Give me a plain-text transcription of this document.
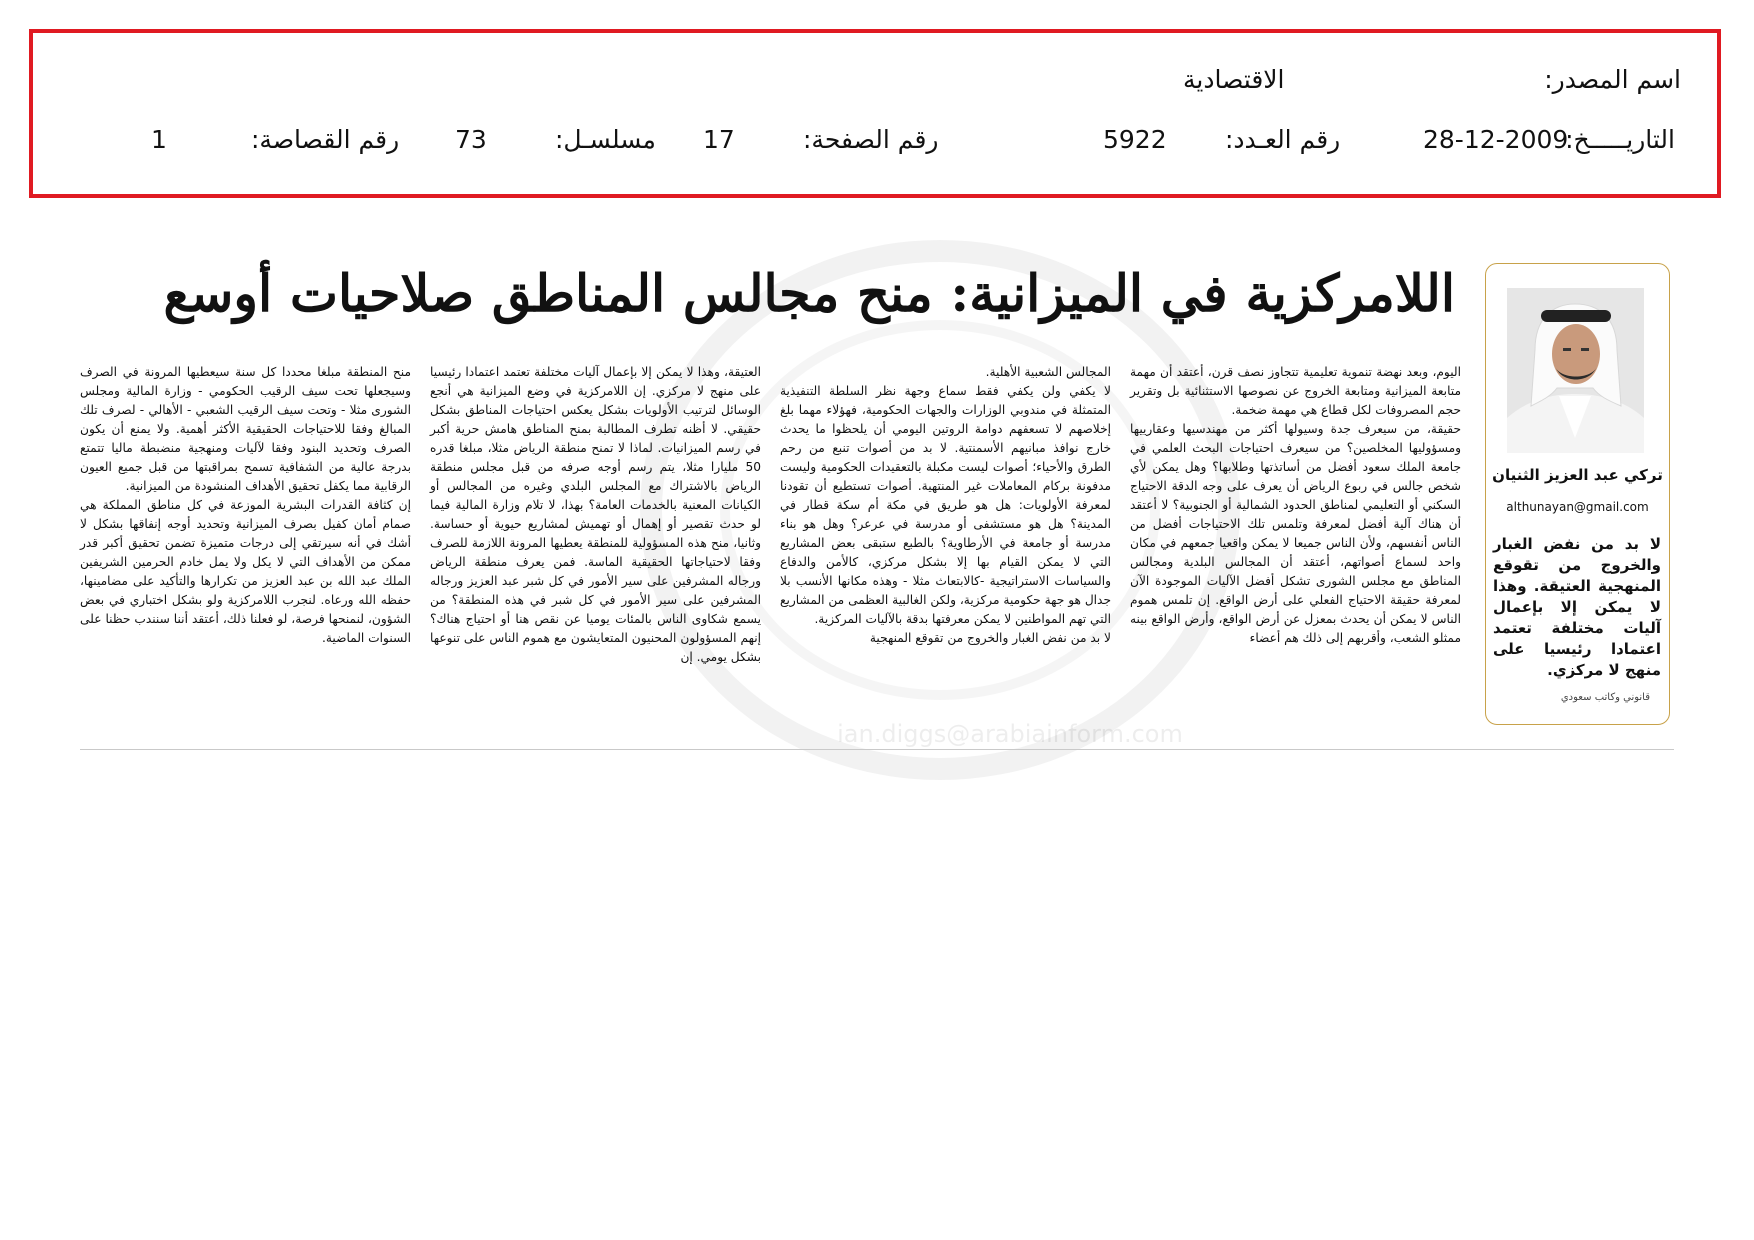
اسم المصدر:
الاقتصادية
التاريـــــخ:
28-12-2009
رقم العـدد:
5922
رقم الصفحة:
17
مسلسـل:
73
رقم القصاصة:
1
ian.diggs@arabiainform.com
تركي عبد العزيز الثنيان
althunayan@gmail.com
لا بد من نفض الغبار والخروج من تقوقع المنهجية العتيقة. وهذا لا يمكن إلا بإعمال آليات مختلفة تعتمد اعتمادا رئيسيا على منهج لا مركزي.
قانوني وكاتب سعودي
اللامركزية في الميزانية: منح مجالس المناطق صلاحيات أوسع

اليوم، وبعد نهضة تنموية تعليمية تتجاوز نصف قرن، أعتقد أن مهمة متابعة الميزانية ومتابعة الخروج عن نصوصها الاستثنائية بل وتقرير حجم المصروفات لكل قطاع هي مهمة ضخمة.

حقيقة، من سيعرف جدة وسيولها أكثر من مهندسيها وعقارييها ومسؤوليها المخلصين؟ من سيعرف احتياجات البحث العلمي في جامعة الملك سعود أفضل من أساتذتها وطلابها؟ وهل يمكن لأي شخص جالس في ربوع الرياض أن يعرف على وجه الدقة الاحتياج السكني أو التعليمي لمناطق الحدود الشمالية أو الجنوبية؟ لا أعتقد أن هناك آلية أفضل لمعرفة وتلمس تلك الاحتياجات أفضل من الناس أنفسهم، ولأن الناس جميعا لا يمكن واقعيا جمعهم في مكان واحد لسماع أصواتهم، أعتقد أن المجالس البلدية ومجالس المناطق مع مجلس الشورى تشكل أفضل الآليات الموجودة الآن لمعرفة حقيقة الاحتياج الفعلي على أرض الواقع. إن تلمس هموم الناس لا يمكن أن يحدث بمعزل عن أرض الواقع، وأرض الواقع بينه ممثلو الشعب، وأقربهم إلى ذلك هم أعضاء

المجالس الشعبية الأهلية.

لا يكفي ولن يكفي فقط سماع وجهة نظر السلطة التنفيذية المتمثلة في مندوبي الوزارات والجهات الحكومية، فهؤلاء مهما بلغ إخلاصهم لا تسعفهم دوامة الروتين اليومي أن يلحظوا ما يحدث خارج نوافذ مبانيهم الأسمنتية. لا بد من أصوات تنبع من رحم الطرق والأحياء؛ أصوات ليست مكبلة بالتعقيدات الحكومية وليست مدفونة بركام المعاملات غير المنتهية. أصوات تستطيع أن تقودنا لمعرفة الأولويات: هل هو طريق في مكة أم سكة قطار في المدينة؟ هل هو مستشفى أو مدرسة في عرعر؟ وهل هو بناء مدرسة أو جامعة في الأرطاوية؟ بالطبع ستبقى بعض المشاريع التي لا يمكن القيام بها إلا بشكل مركزي، كالأمن والدفاع والسياسات الاستراتيجية -كالابتعاث مثلا - وهذه مكانها الأنسب بلا جدال هو جهة حكومية مركزية، ولكن الغالبية العظمى من المشاريع التي تهم المواطنين لا يمكن معرفتها بدقة بالآليات المركزية.

لا بد من نفض الغبار والخروج من تقوقع المنهجية

العتيقة، وهذا لا يمكن إلا بإعمال آليات مختلفة تعتمد اعتمادا رئيسيا على منهج لا مركزي. إن اللامركزية في وضع الميزانية هي أنجع الوسائل لترتيب الأولويات بشكل يعكس احتياجات المناطق بشكل حقيقي. لا أظنه تطرف المطالبة بمنح المناطق هامش حرية أكبر في رسم الميزانيات. لماذا لا تمنح منطقة الرياض مثلا، مبلغا قدره 50 مليارا مثلا، يتم رسم أوجه صرفه من قبل مجلس منطقة الرياض بالاشتراك مع المجلس البلدي وغيره من المجالس أو الكيانات المعنية بالخدمات العامة؟ بهذا، لا تلام وزارة المالية فيما لو حدث تقصير أو إهمال أو تهميش لمشاريع حيوية أو حساسة. وثانيا، منح هذه المسؤولية للمنطقة يعطيها المرونة اللازمة للصرف وفقا لاحتياجاتها الحقيقية الماسة. فمن يعرف منطقة الرياض ورجاله المشرفين على سير الأمور في كل شبر عبد العزيز ورجاله المشرفين على سير الأمور في كل شبر في هذه المنطقة؟ من يسمع شكاوى الناس بالمئات يوميا عن نقص هنا أو احتياج هناك؟ إنهم المسؤولون المحنيون المتعايشون مع هموم الناس على تنوعها بشكل يومي. إن

منح المنطقة مبلغا محددا كل سنة سيعطيها المرونة في الصرف وسيجعلها تحت سيف الرقيب الحكومي - وزارة المالية ومجلس الشورى مثلا - وتحت سيف الرقيب الشعبي - الأهالي - لصرف تلك المبالغ وفقا للاحتياجات الحقيقية الأكثر أهمية. ولا يمنع أن يكون الصرف وتحديد البنود وفقا لآليات ومنهجية منضبطة ماليا تتمتع بدرجة عالية من الشفافية تسمح بمراقبتها من قبل جميع العيون الرقابية مما يكفل تحقيق الأهداف المنشودة من الميزانية.

إن كثافة القدرات البشرية الموزعة في كل مناطق المملكة هي صمام أمان كفيل بصرف الميزانية وتحديد أوجه إنفاقها بشكل لا أشك في أنه سيرتقي إلى درجات متميزة تضمن تحقيق أكبر قدر ممكن من الأهداف التي لا يكل ولا يمل خادم الحرمين الشريفين الملك عبد الله بن عبد العزيز من تكرارها والتأكيد على مضامينها، حفظه الله ورعاه. لنجرب اللامركزية ولو بشكل اختباري في بعض الشؤون، لنمنحها فرصة، لو فعلنا ذلك، أعتقد أننا سنندب حظنا على السنوات الماضية.
